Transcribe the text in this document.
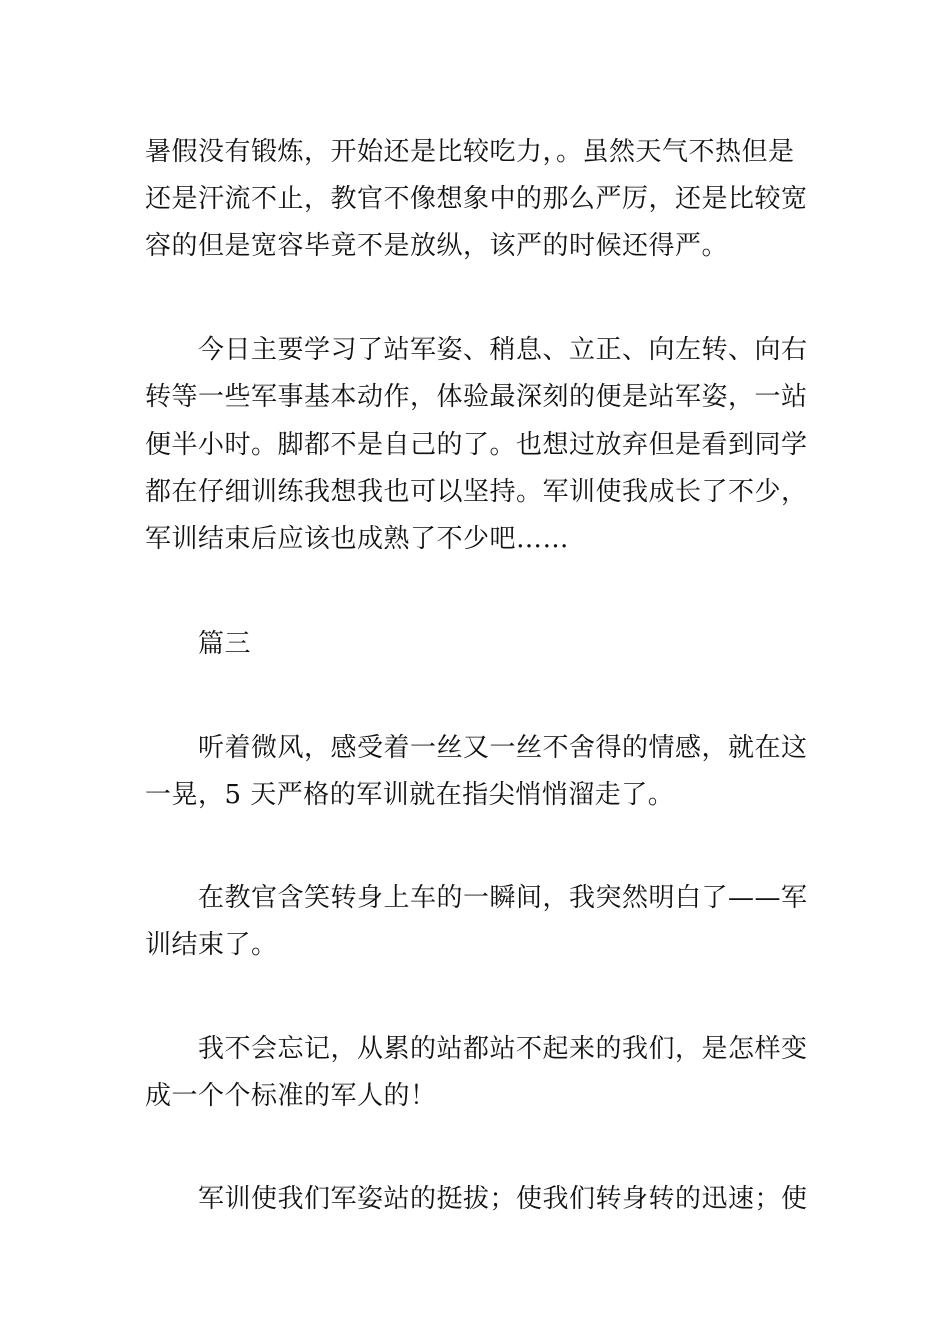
暑假没有锻炼，开始还是比较吃力，。虽然天气不热但是
还是汗流不止，教官不像想象中的那么严厉，还是比较宽
容的但是宽容毕竟不是放纵，该严的时候还得严。
今日主要学习了站军姿、稍息、立正、向左转、向右
转等一些军事基本动作，体验最深刻的便是站军姿，一站
便半小时。脚都不是自己的了。也想过放弃但是看到同学
都在仔细训练我想我也可以坚持。军训使我成长了不少，
军训结束后应该也成熟了不少吧……
篇三
听着微风，感受着一丝又一丝不舍得的情感，就在这
一晃，5 天严格的军训就在指尖悄悄溜走了。
在教官含笑转身上车的一瞬间，我突然明白了——军
训结束了。
我不会忘记，从累的站都站不起来的我们，是怎样变
成一个个标准的军人的！
军训使我们军姿站的挺拔；使我们转身转的迅速；使
